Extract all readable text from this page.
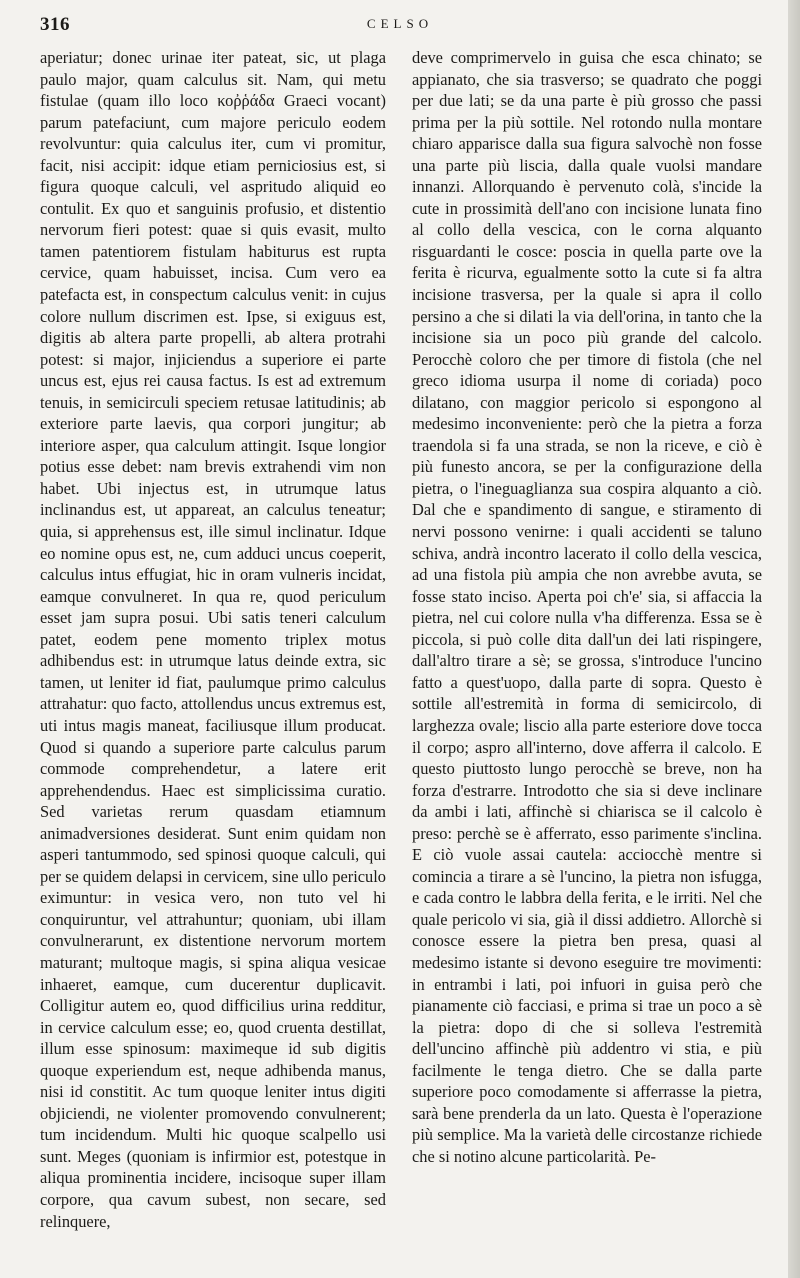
316	CELSO

aperiatur; donec urinae iter pateat, sic, ut plaga paulo major, quam calculus sit. Nam, qui metu fistulae (quam illo loco κοῤῥάδα Graeci vocant) parum patefaciunt, cum majore periculo eodem revolvuntur: quia calculus iter, cum vi promitur, facit, nisi accipit: idque etiam perniciosius est, si figura quoque calculi, vel aspritudo aliquid eo contulit. Ex quo et sanguinis profusio, et distentio nervorum fieri potest: quae si quis evasit, multo tamen patentiorem fistulam habiturus est rupta cervice, quam habuisset, incisa. Cum vero ea patefacta est, in conspectum calculus venit: in cujus colore nullum discrimen est. Ipse, si exiguus est, digitis ab altera parte propelli, ab altera protrahi potest: si major, injiciendus a superiore ei parte uncus est, ejus rei causa factus. Is est ad extremum tenuis, in semicirculi speciem retusae latitudinis; ab exteriore parte laevis, qua corpori jungitur; ab interiore asper, qua calculum attingit. Isque longior potius esse debet: nam brevis extrahendi vim non habet. Ubi injectus est, in utrumque latus inclinandus est, ut appareat, an calculus teneatur; quia, si apprehensus est, ille simul inclinatur. Idque eo nomine opus est, ne, cum adduci uncus coeperit, calculus intus effugiat, hic in oram vulneris incidat, eamque convulneret. In qua re, quod periculum esset jam supra posui. Ubi satis teneri calculum patet, eodem pene momento triplex motus adhibendus est: in utrumque latus deinde extra, sic tamen, ut leniter id fiat, paulumque primo calculus attrahatur: quo facto, attollendus uncus extremus est, uti intus magis maneat, faciliusque illum producat. Quod si quando a superiore parte calculus parum commode comprehendetur, a latere erit apprehendendus. Haec est simplicissima curatio. Sed varietas rerum quasdam etiamnum animadversiones desiderat. Sunt enim quidam non asperi tantummodo, sed spinosi quoque calculi, qui per se quidem delapsi in cervicem, sine ullo periculo eximuntur: in vesica vero, non tuto vel hi conquiruntur, vel attrahuntur; quoniam, ubi illam convulnerarunt, ex distentione nervorum mortem maturant; multoque magis, si spina aliqua vesicae inhaeret, eamque, cum ducerentur duplicavit. Colligitur autem eo, quod difficilius urina redditur, in cervice calculum esse; eo, quod cruenta destillat, illum esse spinosum: maximeque id sub digitis quoque experiendum est, neque adhibenda manus, nisi id constitit. Ac tum quoque leniter intus digiti objiciendi, ne violenter promovendo convulnerent; tum incidendum. Multi hic quoque scalpello usi sunt. Meges (quoniam is infirmior est, potestque in aliqua prominentia incidere, incisoque super illam corpore, qua cavum subest, non secare, sed relinquere,

deve comprimervelo in guisa che esca chinato; se appianato, che sia trasverso; se quadrato che poggi per due lati; se da una parte è più grosso che passi prima per la più sottile. Nel rotondo nulla montare chiaro apparisce dalla sua figura salvochè non fosse una parte più liscia, dalla quale vuolsi mandare innanzi. Allorquando è pervenuto colà, s'incide la cute in prossimità dell'ano con incisione lunata fino al collo della vescica, con le corna alquanto risguardanti le cosce: poscia in quella parte ove la ferita è ricurva, egualmente sotto la cute si fa altra incisione trasversa, per la quale si apra il collo persino a che si dilati la via dell'orina, in tanto che la incisione sia un poco più grande del calcolo. Perocchè coloro che per timore di fistola (che nel greco idioma usurpa il nome di coriada) poco dilatano, con maggior pericolo si espongono al medesimo inconveniente: però che la pietra a forza traendola si fa una strada, se non la riceve, e ciò è più funesto ancora, se per la configurazione della pietra, o l'ineguaglianza sua cospira alquanto a ciò. Dal che e spandimento di sangue, e stiramento di nervi possono venirne: i quali accidenti se taluno schiva, andrà incontro lacerato il collo della vescica, ad una fistola più ampia che non avrebbe avuta, se fosse stato inciso. Aperta poi ch'e' sia, si affaccia la pietra, nel cui colore nulla v'ha differenza. Essa se è piccola, si può colle dita dall'un dei lati rispingere, dall'altro tirare a sè; se grossa, s'introduce l'uncino fatto a quest'uopo, dalla parte di sopra. Questo è sottile all'estremità in forma di semicircolo, di larghezza ovale; liscio alla parte esteriore dove tocca il corpo; aspro all'interno, dove afferra il calcolo. E questo piuttosto lungo perocchè se breve, non ha forza d'estrarre. Introdotto che sia si deve inclinare da ambi i lati, affinchè si chiarisca se il calcolo è preso: perchè se è afferrato, esso parimente s'inclina. E ciò vuole assai cautela: acciocchè mentre si comincia a tirare a sè l'uncino, la pietra non isfugga, e cada contro le labbra della ferita, e le irriti. Nel che quale pericolo vi sia, già il dissi addietro. Allorchè si conosce essere la pietra ben presa, quasi al medesimo istante si devono eseguire tre movimenti: in entrambi i lati, poi infuori in guisa però che pianamente ciò facciasi, e prima si trae un poco a sè la pietra: dopo di che si solleva l'estremità dell'uncino affinchè più addentro vi stia, e più facilmente le tenga dietro. Che se dalla parte superiore poco comodamente si afferrasse la pietra, sarà bene prenderla da un lato. Questa è l'operazione più semplice. Ma la varietà delle circostanze richiede che si notino alcune particolarità. Pe-
